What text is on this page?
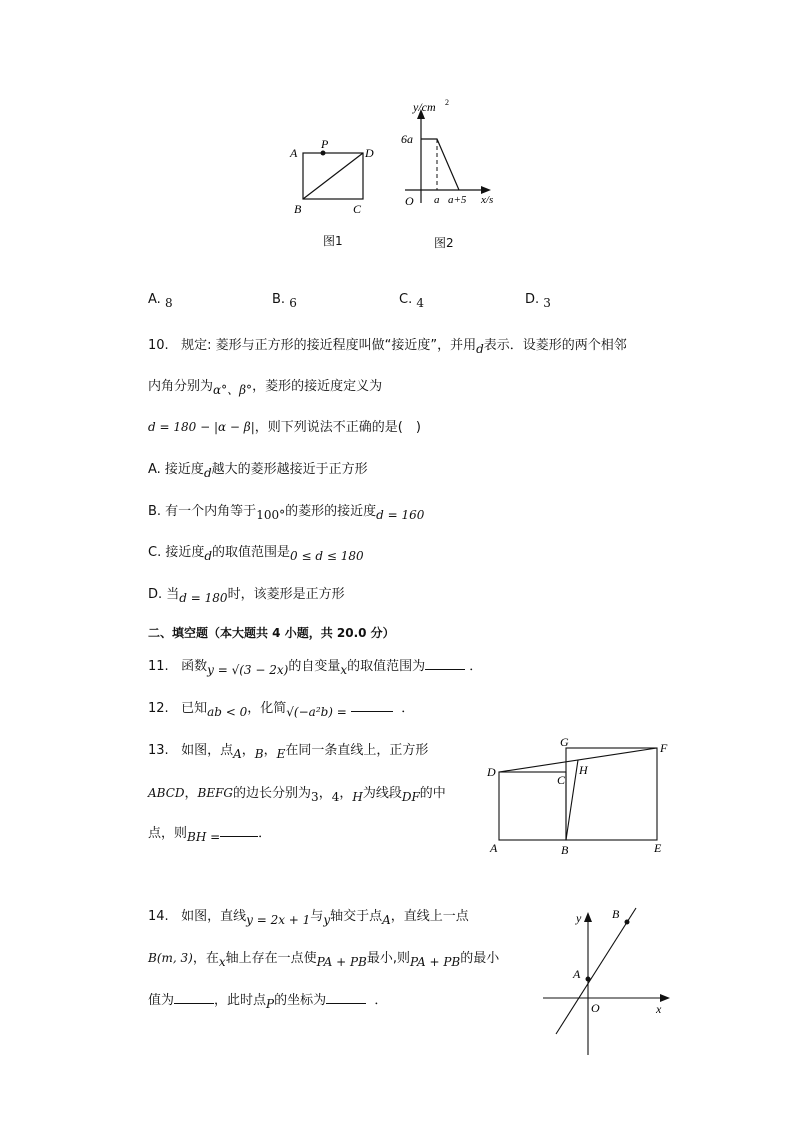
A
P
D
B	C
图1
y/cm 2
6a
O a a+5 x/s
图2
A. 8	B. 6	C. 4	D. 3
10. 规定: 菱形与正方形的接近程度叫做“接近度”，并用d表示．设菱形的两个相邻
内角分别为α°、β°，菱形的接近度定义为
d = 180 − |α − β|，则下列说法不正确的是(　)
A. 接近度d越大的菱形越接近于正方形
B. 有一个内角等于100°的菱形的接近度d = 160
C. 接近度d的取值范围是0 ≤ d ≤ 180
D. 当d = 180时，该菱形是正方形
二、填空题（本大题共 4 小题，共 20.0 分）
11. 函数y = √(3 − 2x)的自变量x的取值范围为	．
12. 已知ab < 0，化简√(−a²b) =	．
13. 如图，点A，B，E在同一条直线上，正方形
ABCD，BEFG的边长分别为3，4，H为线段DF的中
点，则BH =	．
G	F
D
C
H
A	B	E
14. 如图，直线y = 2x + 1与y轴交于点A，直线上一点
B(m, 3)，在x轴上存在一点使PA + PB最小,则PA + PB的最小
值为	，此时点P的坐标为	．
y	B
A
O	x
